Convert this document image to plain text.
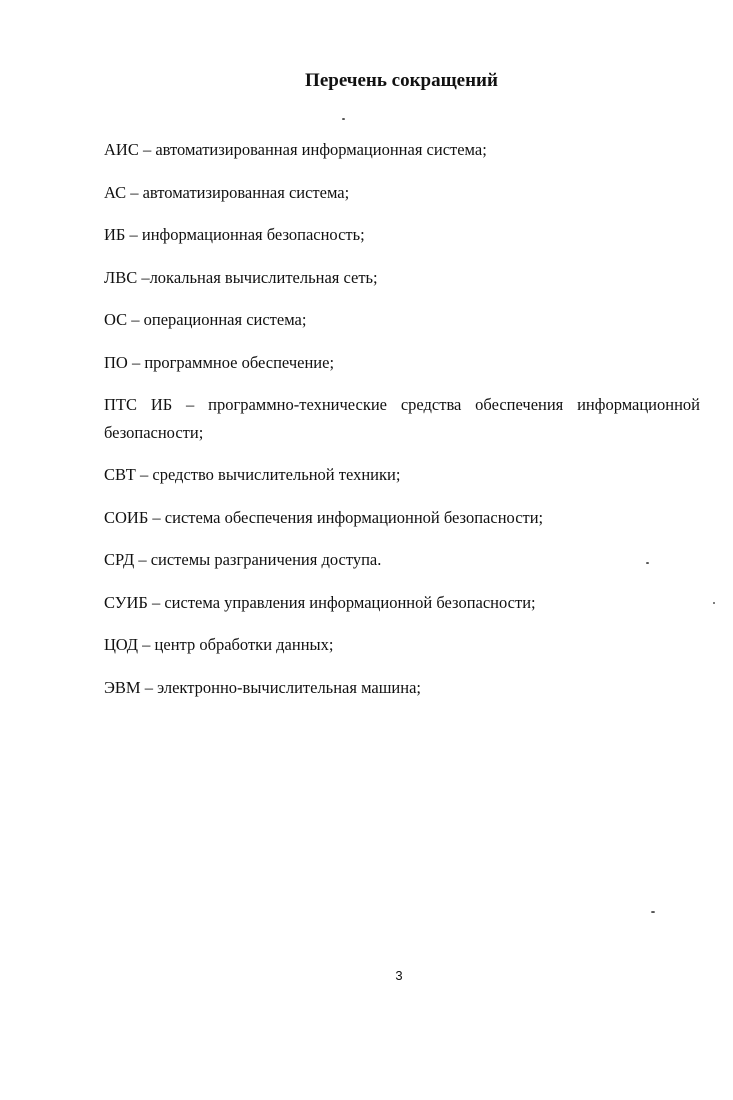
Перечень сокращений

АИС – автоматизированная информационная система;

АС – автоматизированная система;

ИБ – информационная безопасность;

ЛВС –локальная вычислительная сеть;

ОС – операционная система;

ПО – программное обеспечение;

ПТС ИБ – программно-технические средства обеспечения информационной
безопасности;

СВТ – средство вычислительной техники;

СОИБ – система обеспечения информационной безопасности;

СРД – системы разграничения доступа.

СУИБ – система управления информационной безопасности;

ЦОД – центр обработки данных;

ЭВМ – электронно-вычислительная машина;

3
